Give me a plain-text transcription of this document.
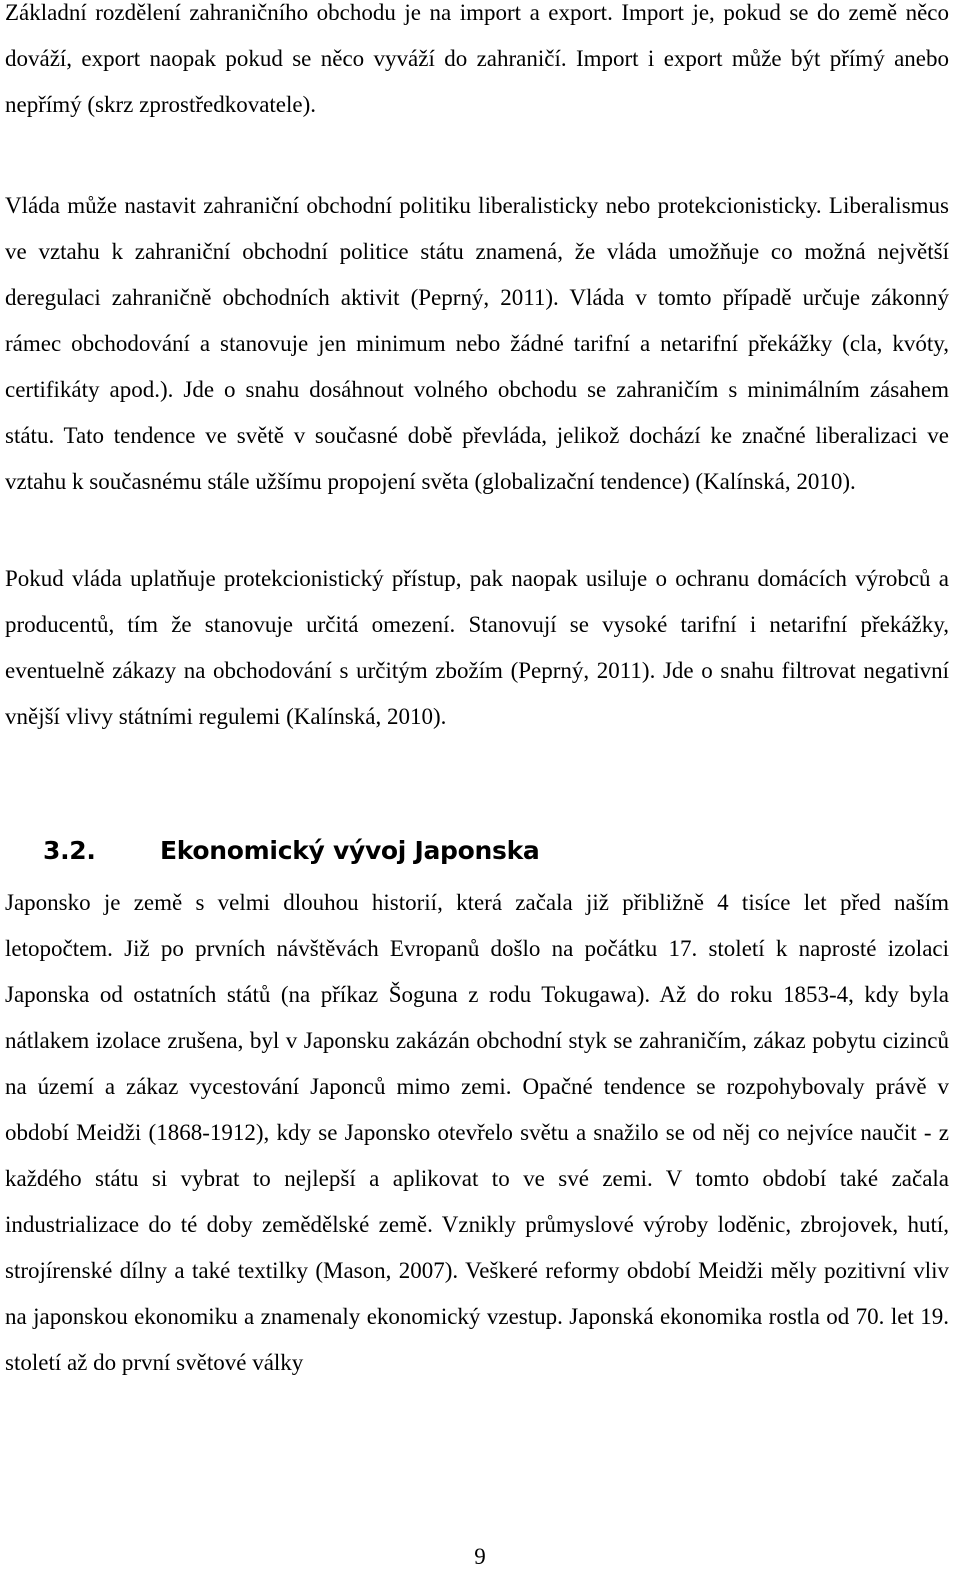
Základní rozdělení zahraničního obchodu je na import a export. Import je, pokud se do země něco dováží, export naopak pokud se něco vyváží do zahraničí. Import i export může být přímý anebo nepřímý (skrz zprostředkovatele).

Vláda může nastavit zahraniční obchodní politiku liberalisticky nebo protekcionisticky. Liberalismus ve vztahu k zahraniční obchodní politice státu znamená, že vláda umožňuje co možná největší deregulaci zahraničně obchodních aktivit (Peprný, 2011). Vláda v tomto případě určuje zákonný rámec obchodování a stanovuje jen minimum nebo žádné tarifní a netarifní překážky (cla, kvóty, certifikáty apod.). Jde o snahu dosáhnout volného obchodu se zahraničím s minimálním zásahem státu. Tato tendence ve světě v současné době převláda, jelikož dochází ke značné liberalizaci ve vztahu k současnému stále užšímu propojení světa (globalizační tendence) (Kalínská, 2010).

Pokud vláda uplatňuje protekcionistický přístup, pak naopak usiluje o ochranu domácích výrobců a producentů, tím že stanovuje určitá omezení. Stanovují se vysoké tarifní i netarifní překážky, eventuelně zákazy na obchodování s určitým zbožím (Peprný, 2011). Jde o snahu filtrovat negativní vnější vlivy státními regulemi (Kalínská, 2010).

3.2.	Ekonomický vývoj Japonska

Japonsko je země s velmi dlouhou historií, která začala již přibližně 4 tisíce let před naším letopočtem. Již po prvních návštěvách Evropanů došlo na počátku 17. století k naprosté izolaci Japonska od ostatních států (na příkaz Šoguna z rodu Tokugawa). Až do roku 1853-4, kdy byla nátlakem izolace zrušena, byl v Japonsku zakázán obchodní styk se zahraničím, zákaz pobytu cizinců na území a zákaz vycestování Japonců mimo zemi. Opačné tendence se rozpohybovaly právě v období Meidži (1868-1912), kdy se Japonsko otevřelo světu a snažilo se od něj co nejvíce naučit - z každého státu si vybrat to nejlepší a aplikovat to ve své zemi. V tomto období také začala industrializace do té doby zemědělské země. Vznikly průmyslové výroby loděnic, zbrojovek, hutí, strojírenské dílny a také textilky (Mason, 2007). Veškeré reformy období Meidži měly pozitivní vliv na japonskou ekonomiku a znamenaly ekonomický vzestup. Japonská ekonomika rostla od 70. let 19. století až do první světové války

9
